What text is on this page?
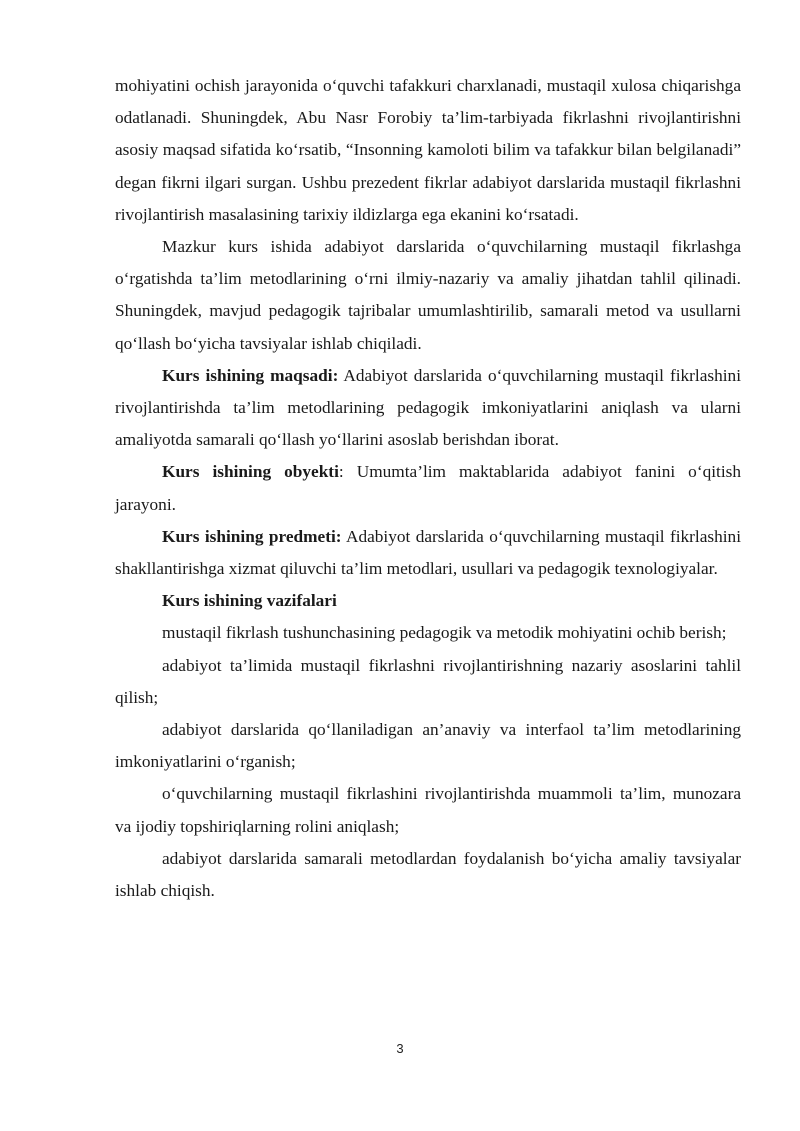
mohiyatini ochish jarayonida o‘quvchi tafakkuri charxlanadi, mustaqil xulosa chiqarishga odatlanadi. Shuningdek, Abu Nasr Forobiy ta’lim-tarbiyada fikrlashni rivojlantirishni asosiy maqsad sifatida ko‘rsatib, “Insonning kamoloti bilim va tafakkur bilan belgilanadi” degan fikrni ilgari surgan. Ushbu prezedent fikrlar adabiyot darslarida mustaqil fikrlashni rivojlantirish masalasining tarixiy ildizlarga ega ekanini ko‘rsatadi.

Mazkur kurs ishida adabiyot darslarida o‘quvchilarning mustaqil fikrlashga o‘rgatishda ta’lim metodlarining o‘rni ilmiy-nazariy va amaliy jihatdan tahlil qilinadi. Shuningdek, mavjud pedagogik tajribalar umumlashtirilib, samarali metod va usullarni qo‘llash bo‘yicha tavsiyalar ishlab chiqiladi.

Kurs ishining maqsadi: Adabiyot darslarida o‘quvchilarning mustaqil fikrlashini rivojlantirishda ta’lim metodlarining pedagogik imkoniyatlarini aniqlash va ularni amaliyotda samarali qo‘llash yo‘llarini asoslab berishdan iborat.

Kurs ishining obyekti: Umumta’lim maktablarida adabiyot fanini o‘qitish jarayoni.

Kurs ishining predmeti: Adabiyot darslarida o‘quvchilarning mustaqil fikrlashini shakllantirishga xizmat qiluvchi ta’lim metodlari, usullari va pedagogik texnologiyalar.

Kurs ishining vazifalari

mustaqil fikrlash tushunchasining pedagogik va metodik mohiyatini ochib berish;

adabiyot ta’limida mustaqil fikrlashni rivojlantirishning nazariy asoslarini tahlil qilish;

adabiyot darslarida qo‘llaniladigan an’anaviy va interfaol ta’lim metodlarining imkoniyatlarini o‘rganish;

o‘quvchilarning mustaqil fikrlashini rivojlantirishda muammoli ta’lim, munozara va ijodiy topshiriqlarning rolini aniqlash;

adabiyot darslarida samarali metodlardan foydalanish bo‘yicha amaliy tavsiyalar ishlab chiqish.

3
